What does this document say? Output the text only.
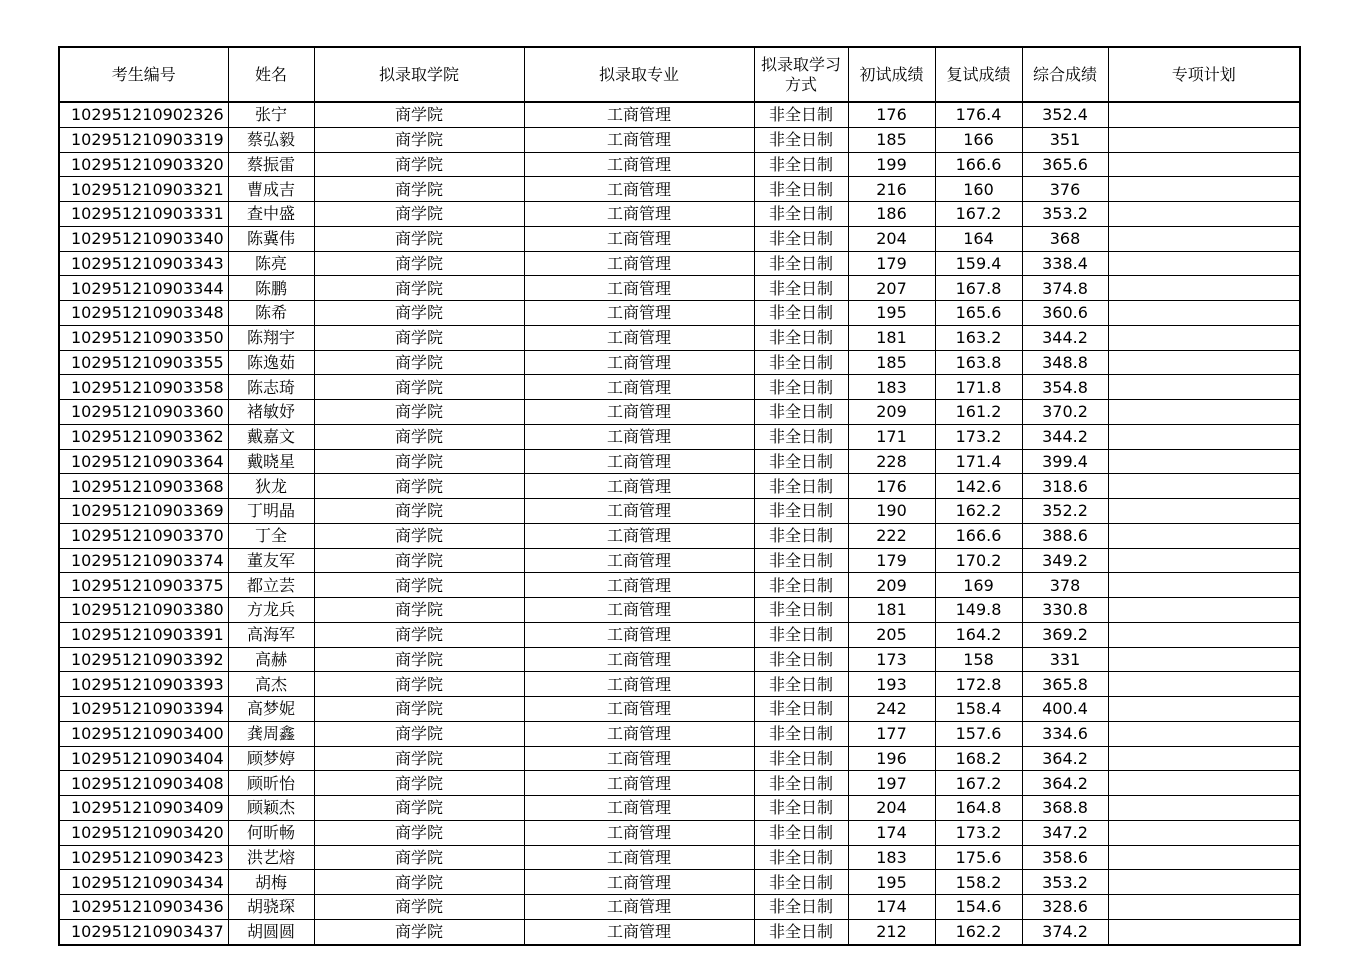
考生编号	姓名	拟录取学院	拟录取专业	拟录取学习方式	初试成绩	复试成绩	综合成绩	专项计划
102951210902326	张宁	商学院	工商管理	非全日制	176	176.4	352.4	
102951210903319	蔡弘毅	商学院	工商管理	非全日制	185	166	351	
102951210903320	蔡振雷	商学院	工商管理	非全日制	199	166.6	365.6	
102951210903321	曹成吉	商学院	工商管理	非全日制	216	160	376	
102951210903331	查中盛	商学院	工商管理	非全日制	186	167.2	353.2	
102951210903340	陈冀伟	商学院	工商管理	非全日制	204	164	368	
102951210903343	陈亮	商学院	工商管理	非全日制	179	159.4	338.4	
102951210903344	陈鹏	商学院	工商管理	非全日制	207	167.8	374.8	
102951210903348	陈希	商学院	工商管理	非全日制	195	165.6	360.6	
102951210903350	陈翔宇	商学院	工商管理	非全日制	181	163.2	344.2	
102951210903355	陈逸茹	商学院	工商管理	非全日制	185	163.8	348.8	
102951210903358	陈志琦	商学院	工商管理	非全日制	183	171.8	354.8	
102951210903360	褚敏妤	商学院	工商管理	非全日制	209	161.2	370.2	
102951210903362	戴嘉文	商学院	工商管理	非全日制	171	173.2	344.2	
102951210903364	戴晓星	商学院	工商管理	非全日制	228	171.4	399.4	
102951210903368	狄龙	商学院	工商管理	非全日制	176	142.6	318.6	
102951210903369	丁明晶	商学院	工商管理	非全日制	190	162.2	352.2	
102951210903370	丁全	商学院	工商管理	非全日制	222	166.6	388.6	
102951210903374	董友军	商学院	工商管理	非全日制	179	170.2	349.2	
102951210903375	都立芸	商学院	工商管理	非全日制	209	169	378	
102951210903380	方龙兵	商学院	工商管理	非全日制	181	149.8	330.8	
102951210903391	高海军	商学院	工商管理	非全日制	205	164.2	369.2	
102951210903392	高赫	商学院	工商管理	非全日制	173	158	331	
102951210903393	高杰	商学院	工商管理	非全日制	193	172.8	365.8	
102951210903394	高梦妮	商学院	工商管理	非全日制	242	158.4	400.4	
102951210903400	龚周鑫	商学院	工商管理	非全日制	177	157.6	334.6	
102951210903404	顾梦婷	商学院	工商管理	非全日制	196	168.2	364.2	
102951210903408	顾昕怡	商学院	工商管理	非全日制	197	167.2	364.2	
102951210903409	顾颖杰	商学院	工商管理	非全日制	204	164.8	368.8	
102951210903420	何昕畅	商学院	工商管理	非全日制	174	173.2	347.2	
102951210903423	洪艺熔	商学院	工商管理	非全日制	183	175.6	358.6	
102951210903434	胡梅	商学院	工商管理	非全日制	195	158.2	353.2	
102951210903436	胡骁琛	商学院	工商管理	非全日制	174	154.6	328.6	
102951210903437	胡圆圆	商学院	工商管理	非全日制	212	162.2	374.2	
